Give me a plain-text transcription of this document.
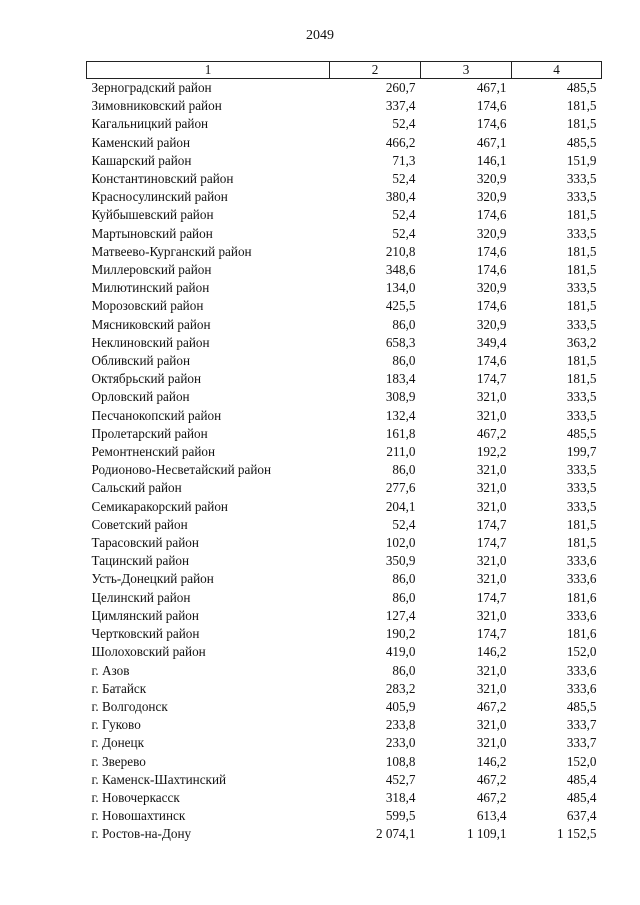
2049
1	2	3	4
Зерноградский район	260,7	467,1	485,5
Зимовниковский район	337,4	174,6	181,5
Кагальницкий район	52,4	174,6	181,5
Каменский район	466,2	467,1	485,5
Кашарский район	71,3	146,1	151,9
Константиновский район	52,4	320,9	333,5
Красносулинский район	380,4	320,9	333,5
Куйбышевский район	52,4	174,6	181,5
Мартыновский район	52,4	320,9	333,5
Матвеево-Курганский район	210,8	174,6	181,5
Миллеровский район	348,6	174,6	181,5
Милютинский район	134,0	320,9	333,5
Морозовский район	425,5	174,6	181,5
Мясниковский район	86,0	320,9	333,5
Неклиновский район	658,3	349,4	363,2
Обливский район	86,0	174,6	181,5
Октябрьский район	183,4	174,7	181,5
Орловский район	308,9	321,0	333,5
Песчанокопский район	132,4	321,0	333,5
Пролетарский район	161,8	467,2	485,5
Ремонтненский район	211,0	192,2	199,7
Родионово-Несветайский район	86,0	321,0	333,5
Сальский район	277,6	321,0	333,5
Семикаракорский район	204,1	321,0	333,5
Советский район	52,4	174,7	181,5
Тарасовский район	102,0	174,7	181,5
Тацинский район	350,9	321,0	333,6
Усть-Донецкий район	86,0	321,0	333,6
Целинский район	86,0	174,7	181,6
Цимлянский район	127,4	321,0	333,6
Чертковский район	190,2	174,7	181,6
Шолоховский район	419,0	146,2	152,0
г. Азов	86,0	321,0	333,6
г. Батайск	283,2	321,0	333,6
г. Волгодонск	405,9	467,2	485,5
г. Гуково	233,8	321,0	333,7
г. Донецк	233,0	321,0	333,7
г. Зверево	108,8	146,2	152,0
г. Каменск-Шахтинский	452,7	467,2	485,4
г. Новочеркасск	318,4	467,2	485,4
г. Новошахтинск	599,5	613,4	637,4
г. Ростов-на-Дону	2 074,1	1 109,1	1 152,5
